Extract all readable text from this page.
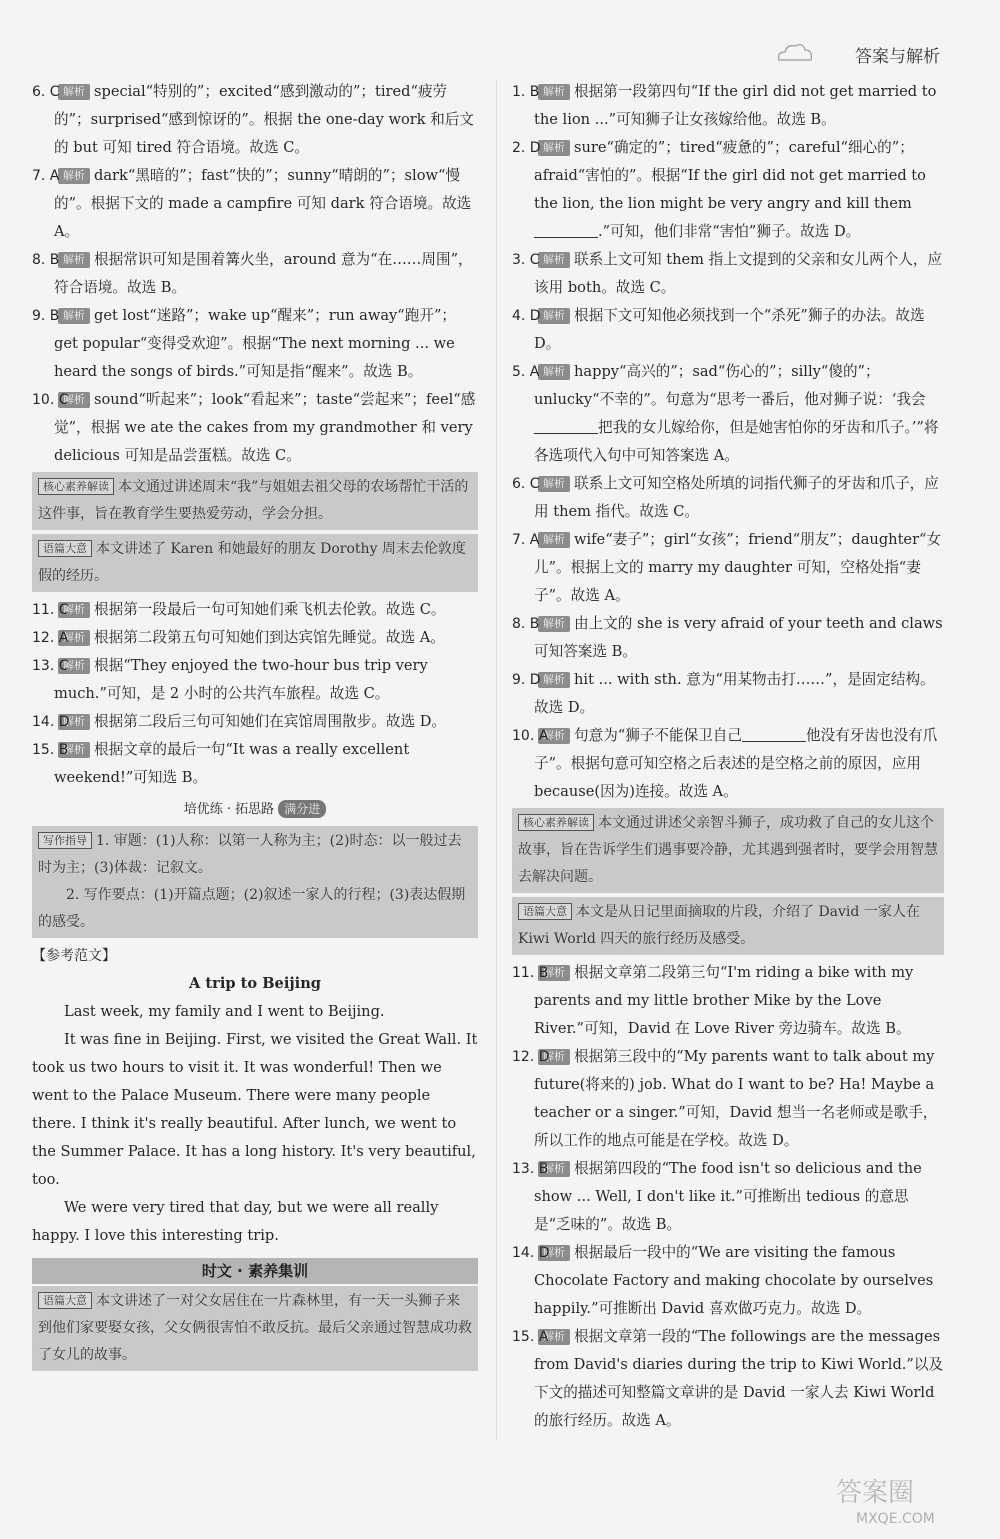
答案与解析
6. C 解析 special“特别的”；excited“感到激动的”；tired“疲劳的”；surprised“感到惊讶的”。根据 the one-day work 和后文的 but 可知 tired 符合语境。故选 C。
7. A 解析 dark“黑暗的”；fast“快的”；sunny“晴朗的”；slow“慢的”。根据下文的 made a campfire 可知 dark 符合语境。故选 A。
8. B 解析 根据常识可知是围着篝火坐，around 意为“在……周围”，符合语境。故选 B。
9. B 解析 get lost“迷路”；wake up“醒来”；run away“跑开”；get popular“变得受欢迎”。根据“The next morning ... we heard the songs of birds.”可知是指“醒来”。故选 B。
10. C
解析 sound“听起来”；look“看起来”；taste“尝起来”；feel“感觉”，根据 we ate the cakes from my grandmother 和 very delicious 可知是品尝蛋糕。故选 C。
核心素养解读 本文通过讲述周末“我”与姐姐去祖父母的农场帮忙干活的这件事，旨在教育学生要热爱劳动，学会分担。
语篇大意 本文讲述了 Karen 和她最好的朋友 Dorothy 周末去伦敦度假的经历。
11. C
解析 根据第一段最后一句可知她们乘飞机去伦敦。故选 C。
12. A
解析 根据第二段第五句可知她们到达宾馆先睡觉。故选 A。
13. C
解析 根据“They enjoyed the two-hour bus trip very much.”可知，是 2 小时的公共汽车旅程。故选 C。
14. D
解析 根据第二段后三句可知她们在宾馆周围散步。故选 D。
15. B
解析 根据文章的最后一句“It was a really excellent weekend!”可知选 B。
培优练 · 拓思路 满分进
写作指导 1. 审题：(1)人称：以第一人称为主；(2)时态：以一般过去时为主；(3)体裁：记叙文。
2. 写作要点：(1)开篇点题；(2)叙述一家人的行程；(3)表达假期的感受。
【参考范文】
A trip to Beijing

Last week, my family and I went to Beijing.

It was fine in Beijing. First, we visited the Great Wall. It took us two hours to visit it. It was wonderful! Then we went to the Palace Museum. There were many people there. I think it's really beautiful. After lunch, we went to the Summer Palace. It has a long history. It's very beautiful, too.

We were very tired that day, but we were all really happy. I love this interesting trip.

时文 · 素养集训
语篇大意 本文讲述了一对父女居住在一片森林里，有一天一头狮子来到他们家要娶女孩，父女俩很害怕不敢反抗。最后父亲通过智慧成功救了女儿的故事。
1. B 解析 根据第一段第四句“If the girl did not get married to the lion ...”可知狮子让女孩嫁给他。故选 B。
2. D 解析 sure“确定的”；tired“疲惫的”；careful“细心的”；afraid“害怕的”。根据“If the girl did not get married to the lion, the lion might be very angry and kill them.”可知，他们非常“害怕”狮子。故选 D。
3. C 解析 联系上文可知 them 指上文提到的父亲和女儿两个人，应该用 both。故选 C。
4. D 解析 根据下文可知他必须找到一个“杀死”狮子的办法。故选 D。
5. A 解析 happy“高兴的”；sad“伤心的”；silly“傻的”；unlucky“不幸的”。句意为“思考一番后，他对狮子说：‘我会把我的女儿嫁给你，但是她害怕你的牙齿和爪子。’”将各选项代入句中可知答案选 A。
6. C 解析 联系上文可知空格处所填的词指代狮子的牙齿和爪子，应用 them 指代。故选 C。
7. A 解析 wife“妻子”；girl“女孩”；friend“朋友”；daughter“女儿”。根据上文的 marry my daughter 可知，空格处指“妻子”。故选 A。
8. B 解析 由上文的 she is very afraid of your teeth and claws 可知答案选 B。
9. D 解析 hit ... with sth. 意为“用某物击打……”，是固定结构。故选 D。
10. A
解析 句意为“狮子不能保卫自己	他没有牙齿也没有爪子”。根据句意可知空格之后表述的是空格之前的原因，应用 because(因为)连接。故选 A。
核心素养解读 本文通过讲述父亲智斗狮子，成功救了自己的女儿这个故事，旨在告诉学生们遇事要冷静，尤其遇到强者时，要学会用智慧去解决问题。
语篇大意 本文是从日记里面摘取的片段，介绍了 David 一家人在 Kiwi World 四天的旅行经历及感受。
11. B
解析 根据文章第二段第三句“I'm riding a bike with my parents and my little brother Mike by the Love River.”可知，David 在 Love River 旁边骑车。故选 B。
12. D
解析 根据第三段中的“My parents want to talk about my future(将来的) job. What do I want to be? Ha! Maybe a teacher or a singer.”可知，David 想当一名老师或是歌手，所以工作的地点可能是在学校。故选 D。
13. B
解析 根据第四段的“The food isn't so delicious and the show ... Well, I don't like it.”可推断出 tedious 的意思是“乏味的”。故选 B。
14. D
解析 根据最后一段中的“We are visiting the famous Chocolate Factory and making chocolate by ourselves happily.”可推断出 David 喜欢做巧克力。故选 D。
15. A
解析 根据文章第一段的“The followings are the messages from David's diaries during the trip to Kiwi World.”以及下文的描述可知整篇文章讲的是 David 一家人去 Kiwi World 的旅行经历。故选 A。
答案圈
MXQE.COM
